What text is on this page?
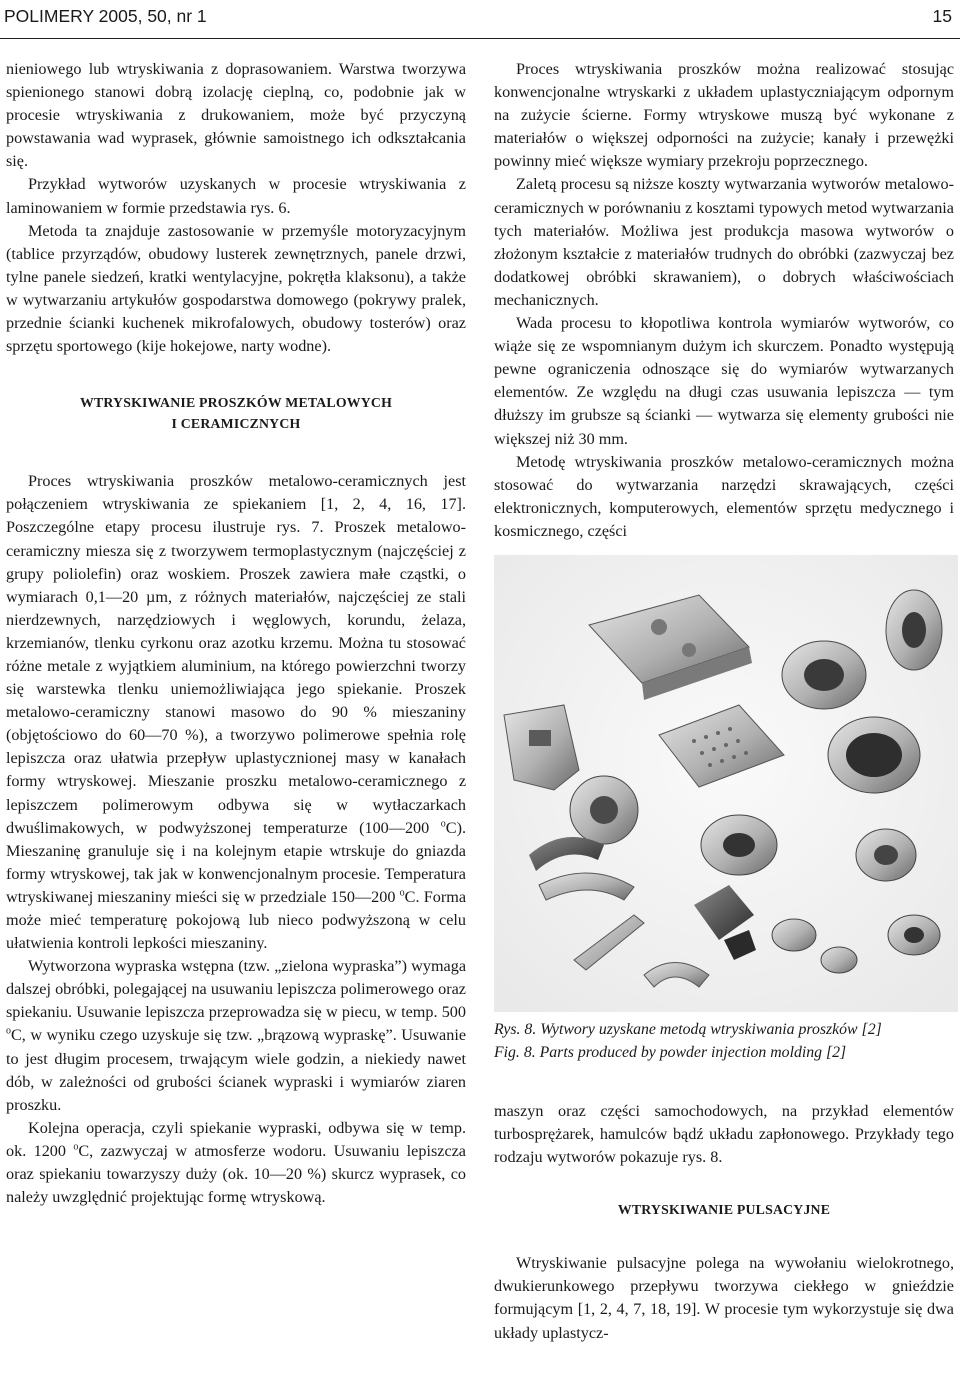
POLIMERY 2005, 50, nr 1	15

nieniowego lub wtryskiwania z doprasowaniem. Warstwa tworzywa spienionego stanowi dobrą izolację cieplną, co, podobnie jak w procesie wtryskiwania z drukowaniem, może być przyczyną powstawania wad wyprasek, głównie samoistnego ich odkształcania się.

Przykład wytworów uzyskanych w procesie wtryskiwania z laminowaniem w formie przedstawia rys. 6.

Metoda ta znajduje zastosowanie w przemyśle motoryzacyjnym (tablice przyrządów, obudowy lusterek zewnętrznych, panele drzwi, tylne panele siedzeń, kratki wentylacyjne, pokrętła klaksonu), a także w wytwarzaniu artykułów gospodarstwa domowego (pokrywy pralek, przednie ścianki kuchenek mikrofalowych, obudowy tosterów) oraz sprzętu sportowego (kije hokejowe, narty wodne).

WTRYSKIWANIE PROSZKÓW METALOWYCH
I CERAMICZNYCH

Proces wtryskiwania proszków metalowo-ceramicznych jest połączeniem wtryskiwania ze spiekaniem [1, 2, 4, 16, 17]. Poszczególne etapy procesu ilustruje rys. 7. Proszek metalowo-ceramiczny miesza się z tworzywem termoplastycznym (najczęściej z grupy poliolefin) oraz woskiem. Proszek zawiera małe cząstki, o wymiarach 0,1—20 µm, z różnych materiałów, najczęściej ze stali nierdzewnych, narzędziowych i węglowych, korundu, żelaza, krzemianów, tlenku cyrkonu oraz azotku krzemu. Można tu stosować różne metale z wyjątkiem aluminium, na którego powierzchni tworzy się warstewka tlenku uniemożliwiająca jego spiekanie. Proszek metalowo-ceramiczny stanowi masowo do 90 % mieszaniny (objętościowo do 60—70 %), a tworzywo polimerowe spełnia rolę lepiszcza oraz ułatwia przepływ uplastycznionej masy w kanałach formy wtryskowej. Mieszanie proszku metalowo-ceramicznego z lepiszczem polimerowym odbywa się w wytłaczarkach dwuślimakowych, w podwyższonej temperaturze (100—200 $^o$C). Mieszaninę granuluje się i na kolejnym etapie wtrskuje do gniazda formy wtryskowej, tak jak w konwencjonalnym procesie. Temperatura wtryskiwanej mieszaniny mieści się w przedziale 150—200 $^o$C. Forma może mieć temperaturę pokojową lub nieco podwyższoną w celu ułatwienia kontroli lepkości mieszaniny.

Wytworzona wypraska wstępna (tzw. „zielona wypraska”) wymaga dalszej obróbki, polegającej na usuwaniu lepiszcza polimerowego oraz spiekaniu. Usuwanie lepiszcza przeprowadza się w piecu, w temp. 500 $^o$C, w wyniku czego uzyskuje się tzw. „brązową wypraskę”. Usuwanie to jest długim procesem, trwającym wiele godzin, a niekiedy nawet dób, w zależności od grubości ścianek wypraski i wymiarów ziaren proszku.

Kolejna operacja, czyli spiekanie wypraski, odbywa się w temp. ok. 1200 $^o$C, zazwyczaj w atmosferze wodoru. Usuwaniu lepiszcza oraz spiekaniu towarzyszy duży (ok. 10—20 %) skurcz wyprasek, co należy uwzględnić projektując formę wtryskową.

Proces wtryskiwania proszków można realizować stosując konwencjonalne wtryskarki z układem uplastyczniającym odpornym na zużycie ścierne. Formy wtryskowe muszą być wykonane z materiałów o większej odporności na zużycie; kanały i przewężki powinny mieć większe wymiary przekroju poprzecznego.

Zaletą procesu są niższe koszty wytwarzania wytworów metalowo-ceramicznych w porównaniu z kosztami typowych metod wytwarzania tych materiałów. Możliwa jest produkcja masowa wytworów o złożonym kształcie z materiałów trudnych do obróbki (zazwyczaj bez dodatkowej obróbki skrawaniem), o dobrych właściwościach mechanicznych.

Wada procesu to kłopotliwa kontrola wymiarów wytworów, co wiąże się ze wspomnianym dużym ich skurczem. Ponadto występują pewne ograniczenia odnoszące się do wymiarów wytwarzanych elementów. Ze względu na długi czas usuwania lepiszcza — tym dłuższy im grubsze są ścianki — wytwarza się elementy grubości nie większej niż 30 mm.

Metodę wtryskiwania proszków metalowo-ceramicznych można stosować do wytwarzania narzędzi skrawających, części elektronicznych, komputerowych, elementów sprzętu medycznego i kosmicznego, części

Rys. 8. Wytwory uzyskane metodą wtryskiwania proszków [2]
Fig. 8. Parts produced by powder injection molding [2]

maszyn oraz części samochodowych, na przykład elementów turbosprężarek, hamulców bądź układu zapłonowego. Przykłady tego rodzaju wytworów pokazuje rys. 8.

WTRYSKIWANIE PULSACYJNE

Wtryskiwanie pulsacyjne polega na wywołaniu wielokrotnego, dwukierunkowego przepływu tworzywa ciekłego w gnieździe formującym [1, 2, 4, 7, 18, 19]. W procesie tym wykorzystuje się dwa układy uplastycz-
